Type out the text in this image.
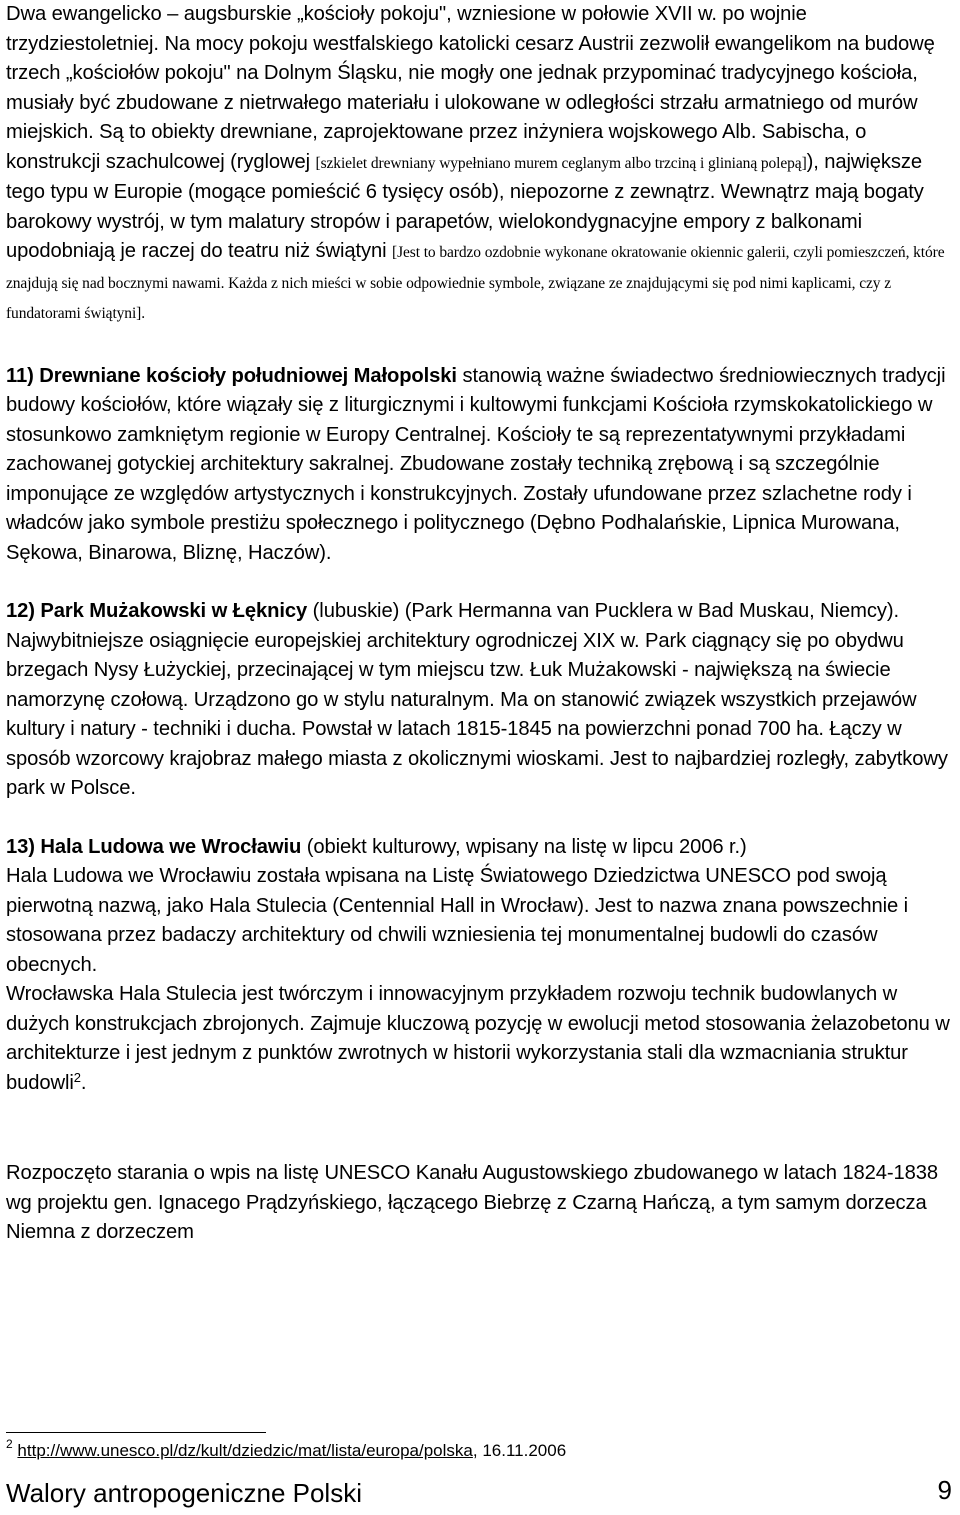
Dwa ewangelicko – augsburskie „kościoły pokoju", wzniesione w połowie XVII w. po wojnie trzydziestoletniej. Na mocy pokoju westfalskiego katolicki cesarz Austrii zezwolił ewangelikom na budowę trzech „kościołów pokoju" na Dolnym Śląsku, nie mogły one jednak przypominać tradycyjnego kościoła, musiały być zbudowane z nietrwałego materiału i ulokowane w odległości strzału armatniego od murów miejskich. Są to obiekty drewniane, zaprojektowane przez inżyniera wojskowego Alb. Sabischa, o konstrukcji szachulcowej (ryglowej [szkielet drewniany wypełniano murem ceglanym albo trzciną i glinianą polepą]), największe tego typu w Europie (mogące pomieścić 6 tysięcy osób), niepozorne z zewnątrz. Wewnątrz mają bogaty barokowy wystrój, w tym malatury stropów i parapetów, wielokondygnacyjne empory z balkonami upodobniają je raczej do teatru niż świątyni [Jest to bardzo ozdobnie wykonane okratowanie okiennic galerii, czyli pomieszczeń, które znajdują się nad bocznymi nawami. Każda z nich mieści w sobie odpowiednie symbole, związane ze znajdującymi się pod nimi kaplicami, czy z fundatorami świątyni].

11) Drewniane kościoły południowej Małopolski stanowią ważne świadectwo średniowiecznych tradycji budowy kościołów, które wiązały się z liturgicznymi i kultowymi funkcjami Kościoła rzymskokatolickiego w stosunkowo zamkniętym regionie w Europy Centralnej. Kościoły te są reprezentatywnymi przykładami zachowanej gotyckiej architektury sakralnej. Zbudowane zostały techniką zrębową i są szczególnie imponujące ze względów artystycznych i konstrukcyjnych. Zostały ufundowane przez szlachetne rody i władców jako symbole prestiżu społecznego i politycznego (Dębno Podhalańskie, Lipnica Murowana, Sękowa, Binarowa, Bliznę, Haczów).

12) Park Mużakowski w Łęknicy (lubuskie) (Park Hermanna van Pucklera w Bad Muskau, Niemcy). Najwybitniejsze osiągnięcie europejskiej architektury ogrodniczej XIX w. Park ciągnący się po obydwu brzegach Nysy Łużyckiej, przecinającej w tym miejscu tzw. Łuk Mużakowski - największą na świecie namorzynę czołową. Urządzono go w stylu naturalnym. Ma on stanowić związek wszystkich przejawów kultury i natury - techniki i ducha. Powstał w latach 1815-1845 na powierzchni ponad 700 ha. Łączy w sposób wzorcowy krajobraz małego miasta z okolicznymi wioskami. Jest to najbardziej rozległy, zabytkowy park w Polsce.

13) Hala Ludowa we Wrocławiu (obiekt kulturowy, wpisany na listę w lipcu 2006 r.)

Hala Ludowa we Wrocławiu została wpisana na Listę Światowego Dziedzictwa UNESCO pod swoją pierwotną nazwą, jako Hala Stulecia (Centennial Hall in Wrocław). Jest to nazwa znana powszechnie i stosowana przez badaczy architektury od chwili wzniesienia tej monumentalnej budowli do czasów obecnych.

Wrocławska Hala Stulecia jest twórczym i innowacyjnym przykładem rozwoju technik budowlanych w dużych konstrukcjach zbrojonych. Zajmuje kluczową pozycję w ewolucji metod stosowania żelazobetonu w architekturze i jest jednym z punktów zwrotnych w historii wykorzystania stali dla wzmacniania struktur budowli$^2$.

Rozpoczęto starania o wpis na listę UNESCO Kanału Augustowskiego zbudowanego w latach 1824-1838 wg projektu gen. Ignacego Prądzyńskiego, łączącego Biebrzę z Czarną Hańczą, a tym samym dorzecza Niemna z dorzeczem

$^2$ http://www.unesco.pl/dz/kult/dziedzic/mat/lista/europa/polska, 16.11.2006
Walory antropogeniczne Polski	9
